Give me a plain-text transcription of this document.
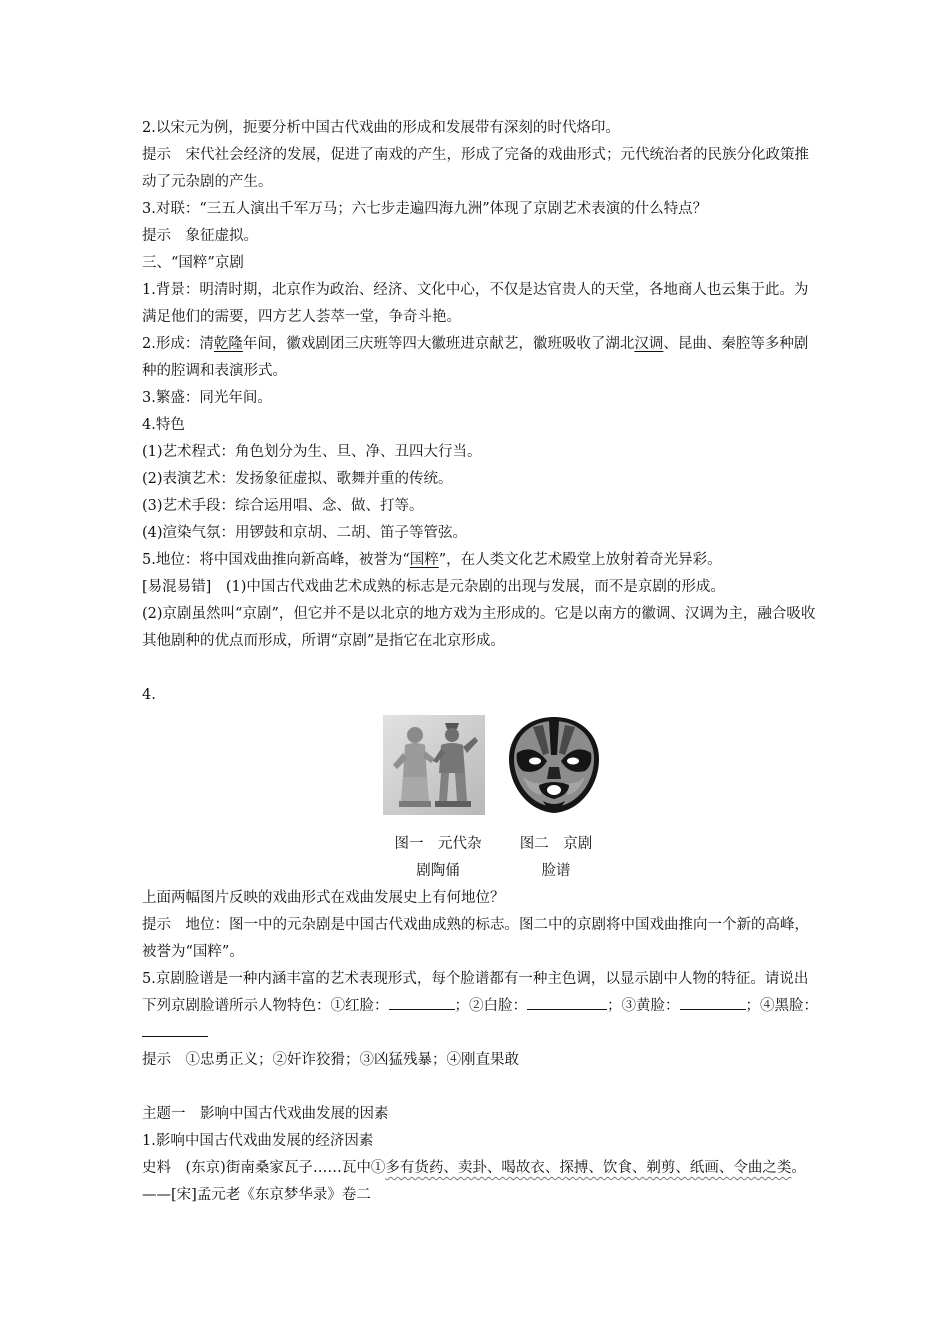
2.以宋元为例，扼要分析中国古代戏曲的形成和发展带有深刻的时代烙印。

提示　宋代社会经济的发展，促进了南戏的产生，形成了完备的戏曲形式；元代统治者的民族分化政策推动了元杂剧的产生。

3.对联：“三五人演出千军万马；六七步走遍四海九洲”体现了京剧艺术表演的什么特点？

提示　象征虚拟。

三、“国粹”京剧

1.背景：明清时期，北京作为政治、经济、文化中心，不仅是达官贵人的天堂，各地商人也云集于此。为满足他们的需要，四方艺人荟萃一堂，争奇斗艳。

2.形成：清乾隆年间，徽戏剧团三庆班等四大徽班进京献艺，徽班吸收了湖北汉调、昆曲、秦腔等多种剧种的腔调和表演形式。

3.繁盛：同光年间。

4.特色

(1)艺术程式：角色划分为生、旦、净、丑四大行当。

(2)表演艺术：发扬象征虚拟、歌舞并重的传统。

(3)艺术手段：综合运用唱、念、做、打等。

(4)渲染气氛：用锣鼓和京胡、二胡、笛子等管弦。

5.地位：将中国戏曲推向新高峰，被誉为“国粹”，在人类文化艺术殿堂上放射着奇光异彩。

[易混易错]　(1)中国古代戏曲艺术成熟的标志是元杂剧的出现与发展，而不是京剧的形成。

(2)京剧虽然叫“京剧”，但它并不是以北京的地方戏为主形成的。它是以南方的徽调、汉调为主，融合吸收其他剧种的优点而形成，所谓“京剧”是指它在北京形成。

4.

图一　元代杂	图二　京剧
剧陶俑	脸谱

上面两幅图片反映的戏曲形式在戏曲发展史上有何地位？

提示　地位：图一中的元杂剧是中国古代戏曲成熟的标志。图二中的京剧将中国戏曲推向一个新的高峰，被誉为“国粹”。

5.京剧脸谱是一种内涵丰富的艺术表现形式，每个脸谱都有一种主色调，以显示剧中人物的特征。请说出下列京剧脸谱所示人物特色：①红脸：	；②白脸：	；③黄脸：	；④黑脸：

提示　①忠勇正义；②奸诈狡猾；③凶猛残暴；④刚直果敢

主题一　影响中国古代戏曲发展的因素

1.影响中国古代戏曲发展的经济因素

史料　(东京)街南桑家瓦子……瓦中①多有货药、卖卦、喝故衣、探搏、饮食、剃剪、纸画、令曲之类。——[宋]孟元老《东京梦华录》卷二
